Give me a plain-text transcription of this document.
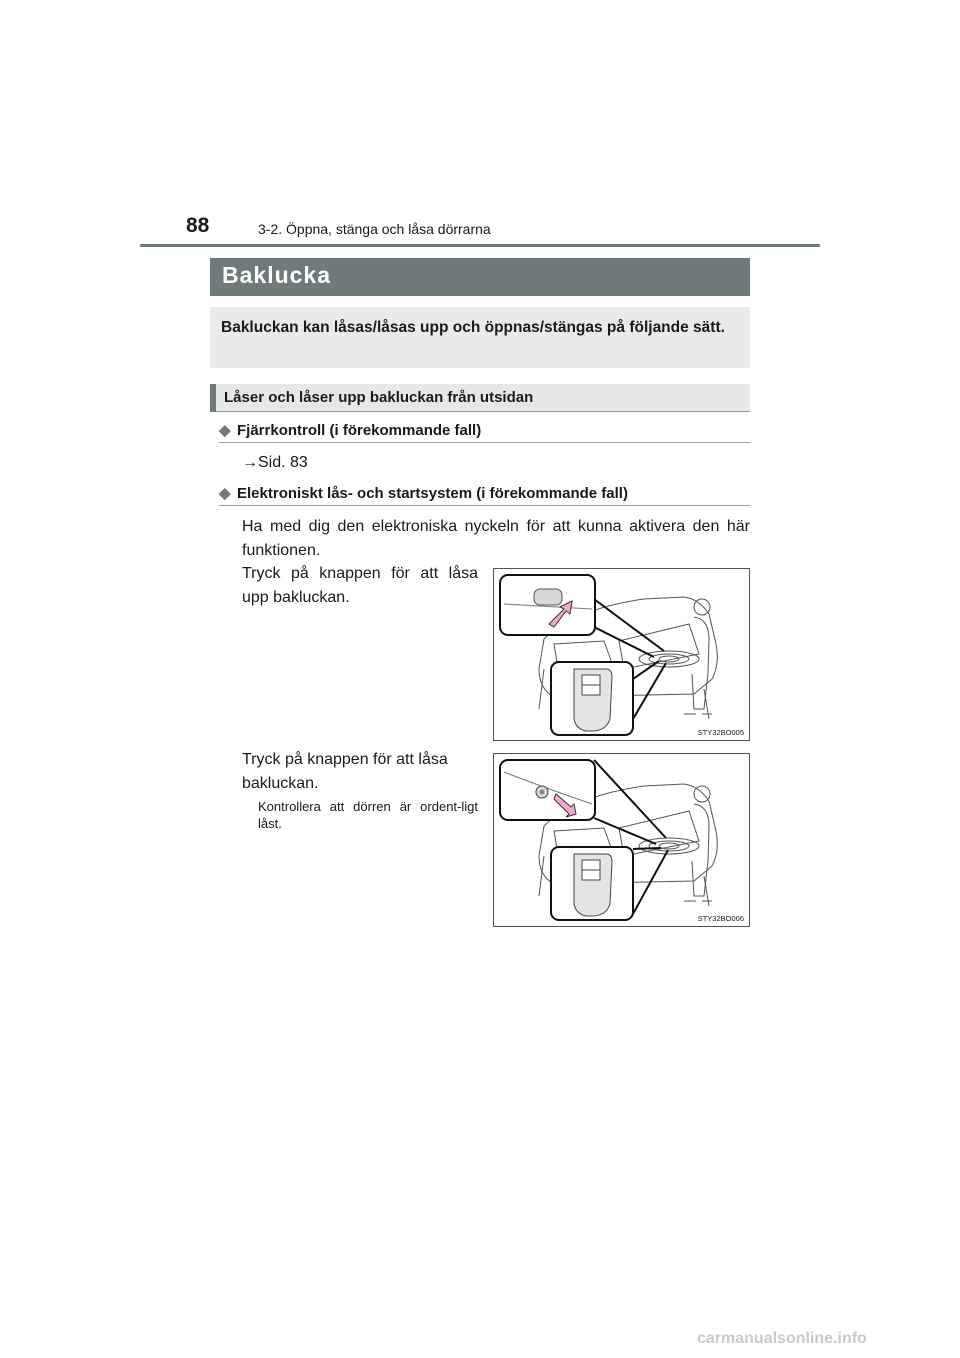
88	3-2. Öppna, stänga och låsa dörrarna
Baklucka
Bakluckan kan låsas/låsas upp och öppnas/stängas på följande sätt.
Låser och låser upp bakluckan från utsidan
◆ Fjärrkontroll (i förekommande fall)
→Sid. 83
◆ Elektroniskt lås- och startsystem (i förekommande fall)
Ha med dig den elektroniska nyckeln för att kunna aktivera den här funktionen.
Tryck på knappen för att låsa upp bakluckan.
Tryck på knappen för att låsa bakluckan.
Kontrollera att dörren är ordent-ligt låst.
STY32BO005
STY32BO006
carmanualsonline.info
